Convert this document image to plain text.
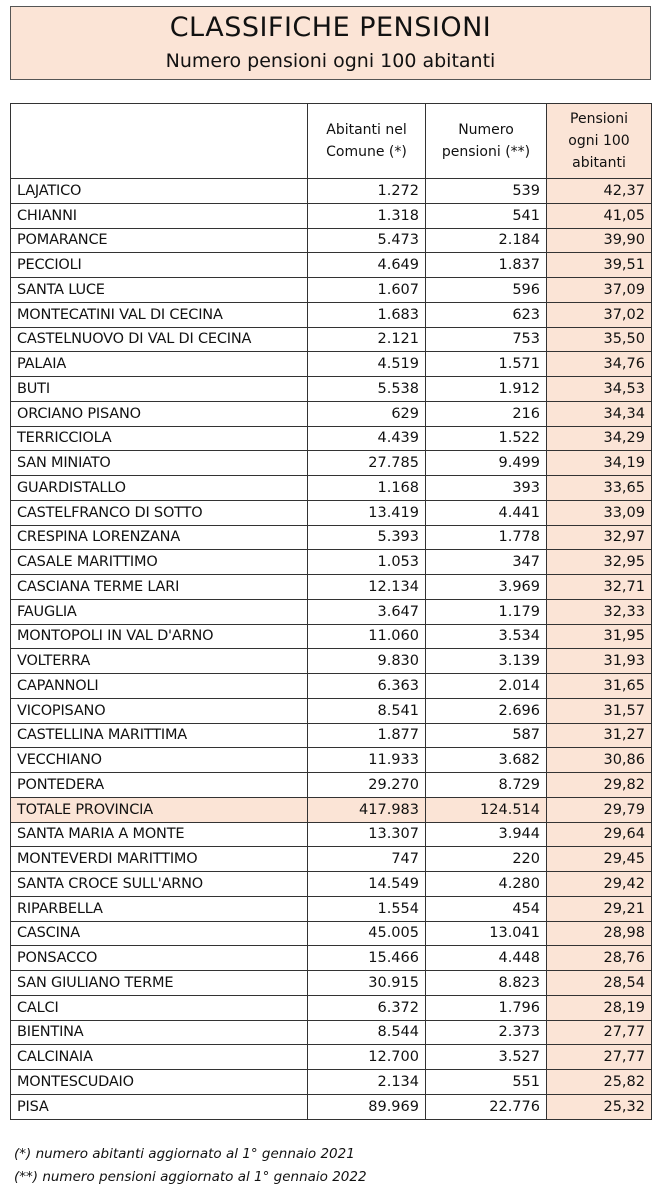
CLASSIFICHE PENSIONI
Numero pensioni ogni 100 abitanti
	Abitanti nel Comune (*)	Numero pensioni (**)	Pensioni ogni 100 abitanti
LAJATICO	1.272	539	42,37
CHIANNI	1.318	541	41,05
POMARANCE	5.473	2.184	39,90
PECCIOLI	4.649	1.837	39,51
SANTA LUCE	1.607	596	37,09
MONTECATINI VAL DI CECINA	1.683	623	37,02
CASTELNUOVO DI VAL DI CECINA	2.121	753	35,50
PALAIA	4.519	1.571	34,76
BUTI	5.538	1.912	34,53
ORCIANO PISANO	629	216	34,34
TERRICCIOLA	4.439	1.522	34,29
SAN MINIATO	27.785	9.499	34,19
GUARDISTALLO	1.168	393	33,65
CASTELFRANCO DI SOTTO	13.419	4.441	33,09
CRESPINA LORENZANA	5.393	1.778	32,97
CASALE MARITTIMO	1.053	347	32,95
CASCIANA TERME LARI	12.134	3.969	32,71
FAUGLIA	3.647	1.179	32,33
MONTOPOLI IN VAL D'ARNO	11.060	3.534	31,95
VOLTERRA	9.830	3.139	31,93
CAPANNOLI	6.363	2.014	31,65
VICOPISANO	8.541	2.696	31,57
CASTELLINA MARITTIMA	1.877	587	31,27
VECCHIANO	11.933	3.682	30,86
PONTEDERA	29.270	8.729	29,82
TOTALE PROVINCIA	417.983	124.514	29,79
SANTA MARIA A MONTE	13.307	3.944	29,64
MONTEVERDI MARITTIMO	747	220	29,45
SANTA CROCE SULL'ARNO	14.549	4.280	29,42
RIPARBELLA	1.554	454	29,21
CASCINA	45.005	13.041	28,98
PONSACCO	15.466	4.448	28,76
SAN GIULIANO TERME	30.915	8.823	28,54
CALCI	6.372	1.796	28,19
BIENTINA	8.544	2.373	27,77
CALCINAIA	12.700	3.527	27,77
MONTESCUDAIO	2.134	551	25,82
PISA	89.969	22.776	25,32
(*) numero abitanti aggiornato al 1° gennaio 2021
(**) numero pensioni aggiornato al 1° gennaio 2022
